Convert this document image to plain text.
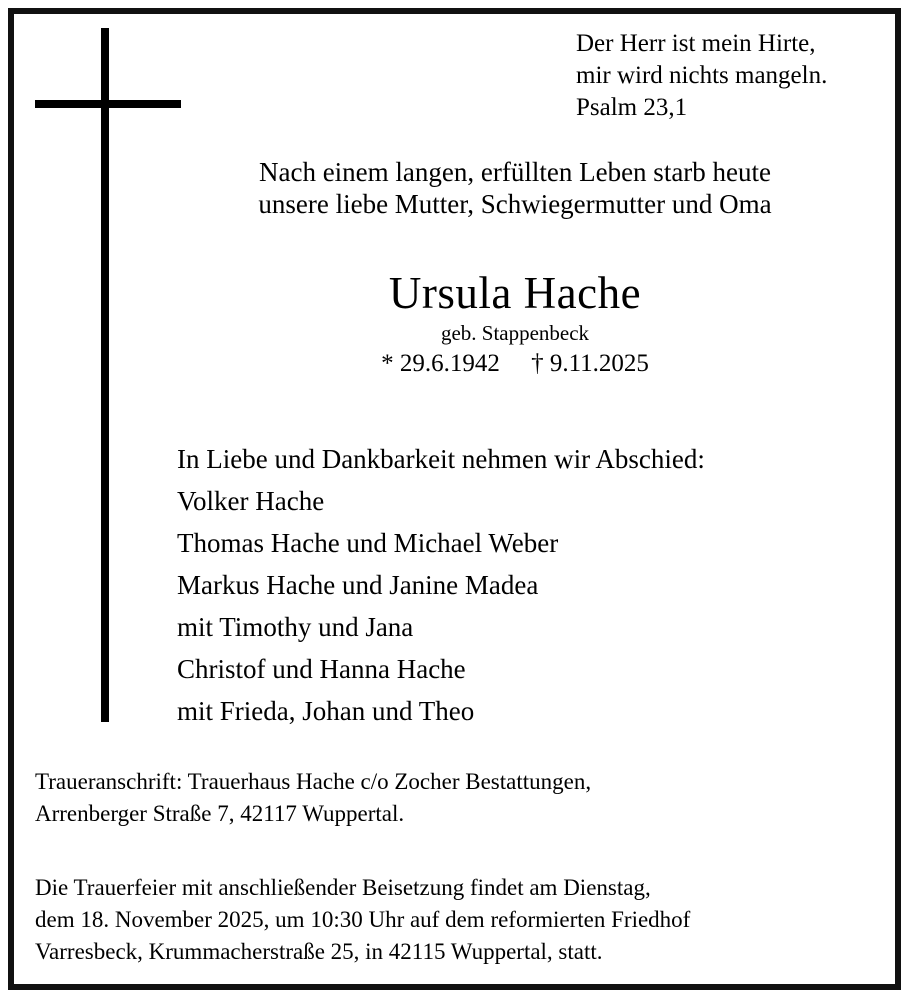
Der Herr ist mein Hirte,
mir wird nichts mangeln.
Psalm 23,1
Nach einem langen, erfüllten Leben starb heute
unsere liebe Mutter, Schwiegermutter und Oma
Ursula Hache
geb. Stappenbeck
* 29.6.1942     † 9.11.2025
In Liebe und Dankbarkeit nehmen wir Abschied:
Volker Hache
Thomas Hache und Michael Weber
Markus Hache und Janine Madea
mit Timothy und Jana
Christof und Hanna Hache
mit Frieda, Johan und Theo
Traueranschrift: Trauerhaus Hache c/o Zocher Bestattungen,
Arrenberger Straße 7, 42117 Wuppertal.
Die Trauerfeier mit anschließender Beisetzung findet am Dienstag,
dem 18. November 2025, um 10:30 Uhr auf dem reformierten Friedhof
Varresbeck, Krummacherstraße 25, in 42115 Wuppertal, statt.
